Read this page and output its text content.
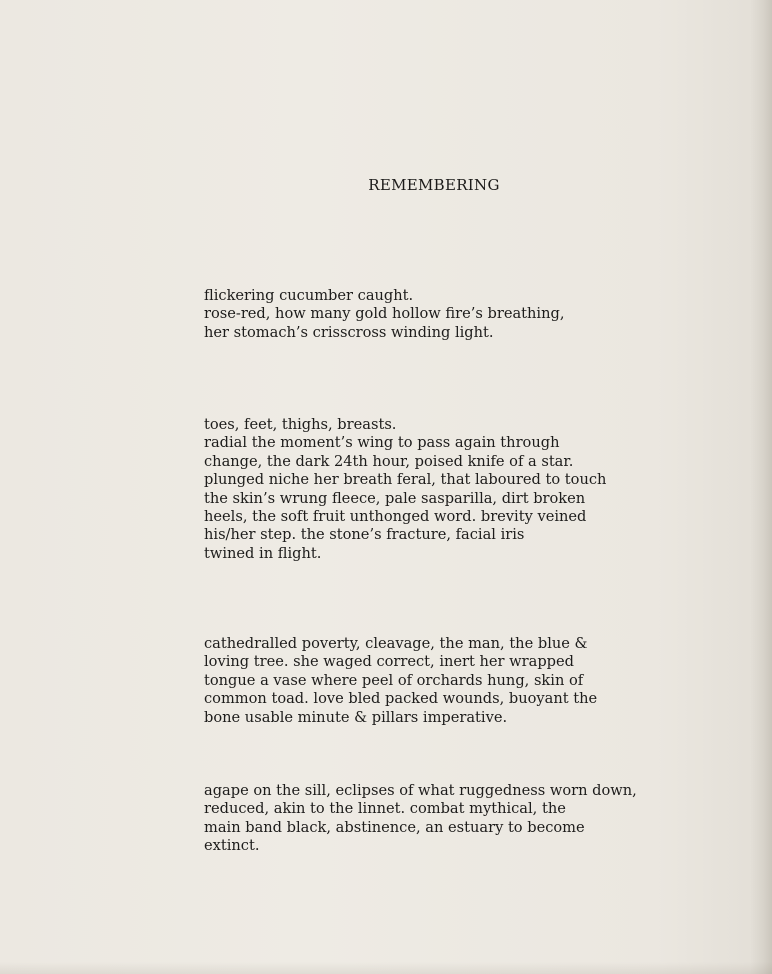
REMEMBERING

flickering cucumber caught.
rose-red, how many gold hollow fire’s breathing,
her stomach’s crisscross winding light.

toes, feet, thighs, breasts.
radial the moment’s wing to pass again through
change, the dark 24th hour, poised knife of a star.
plunged niche her breath feral, that laboured to touch
the skin’s wrung fleece, pale sasparilla, dirt broken
heels, the soft fruit unthonged word. brevity veined
his/her step. the stone’s fracture, facial iris
twined in flight.

cathedralled poverty, cleavage, the man, the blue &
loving tree. she waged correct, inert her wrapped
tongue a vase where peel of orchards hung, skin of
common toad. love bled packed wounds, buoyant the
bone usable minute & pillars imperative.

agape on the sill, eclipses of what ruggedness worn down,
reduced, akin to the linnet. combat mythical, the
main band black, abstinence, an estuary to become
extinct.
